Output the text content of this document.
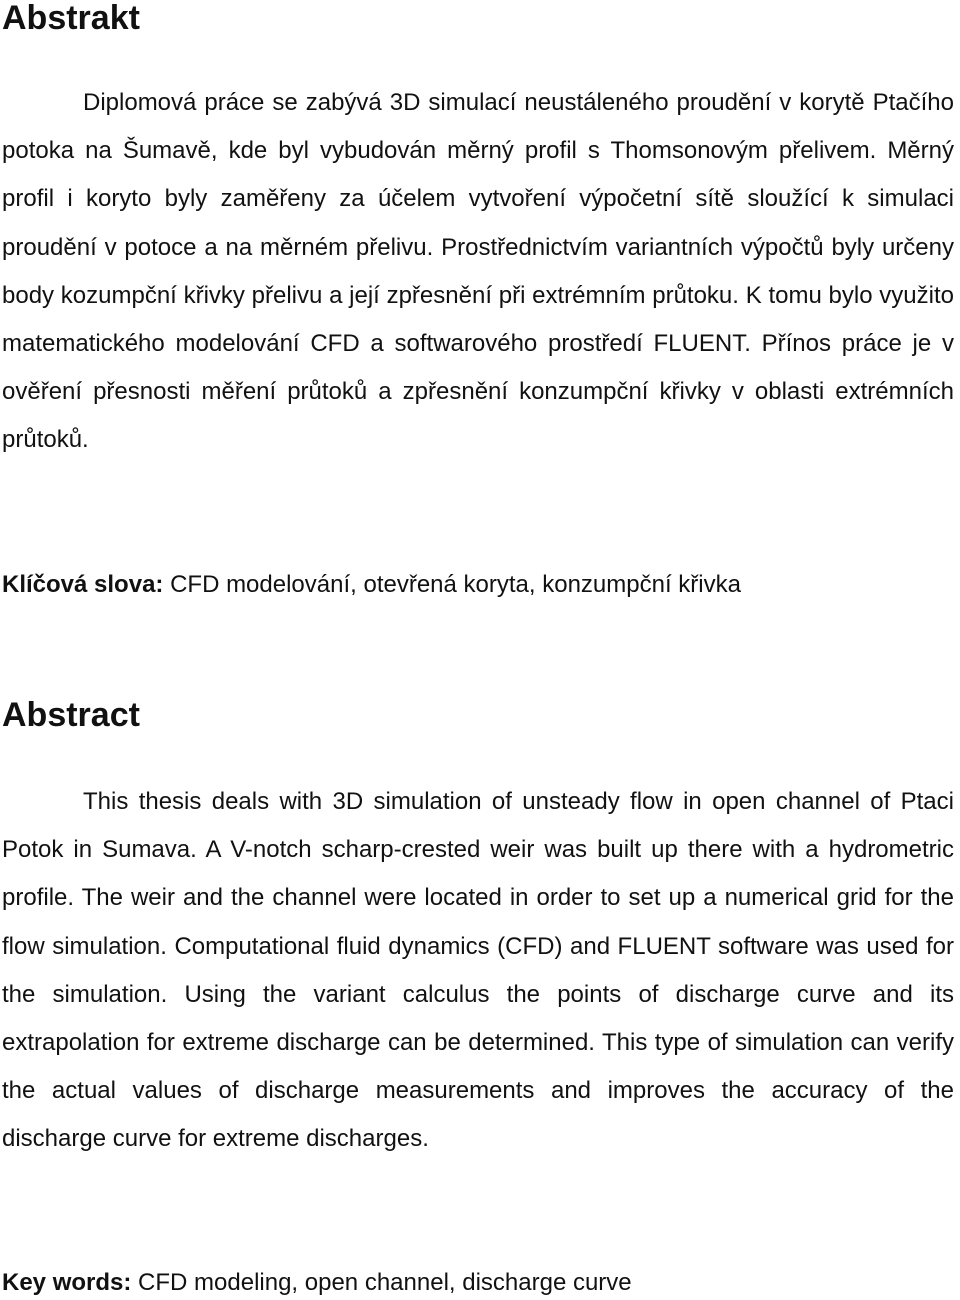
Abstrakt

Diplomová práce se zabývá 3D simulací neustáleného proudění v korytě Ptačího potoka na Šumavě, kde byl vybudován měrný profil s Thomsonovým přelivem. Měrný profil i koryto byly zaměřeny za účelem vytvoření výpočetní sítě sloužící k simulaci proudění v potoce a na měrném přelivu. Prostřednictvím variantních výpočtů byly určeny body kozumpční křivky přelivu a její zpřesnění při extrémním průtoku. K tomu bylo využito matematického modelování CFD a softwarového prostředí FLUENT. Přínos práce je v ověření přesnosti měření průtoků a zpřesnění konzumpční křivky v oblasti extrémních průtoků.

Klíčová slova: CFD modelování, otevřená koryta, konzumpční křivka

Abstract

This thesis deals with 3D simulation of unsteady flow in open channel of Ptaci Potok in Sumava. A V-notch scharp-crested weir was built up there with a hydrometric profile. The weir and the channel were located in order to set up a numerical grid for the flow simulation. Computational fluid dynamics (CFD) and FLUENT software was used for the simulation. Using the variant calculus the points of discharge curve and its extrapolation for extreme discharge can be determined. This type of simulation can verify the actual values of discharge measurements and improves the accuracy of the discharge curve for extreme discharges.

Key words: CFD modeling, open channel, discharge curve
